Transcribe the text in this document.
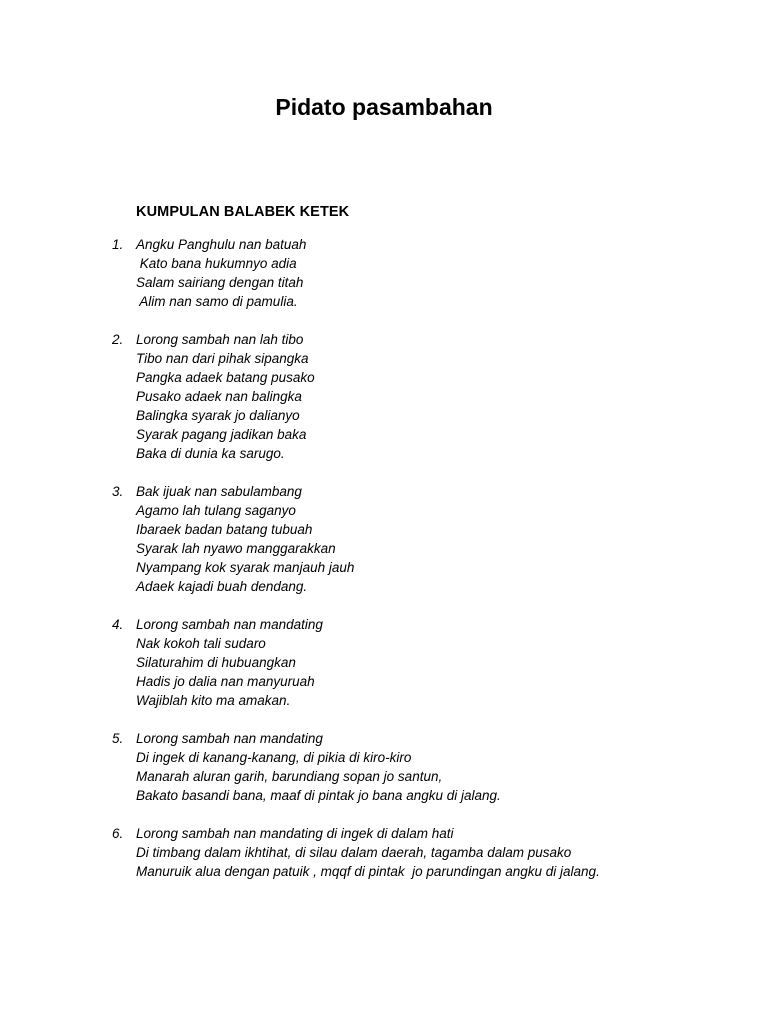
Pidato pasambahan
KUMPULAN BALABEK KETEK
1. Angku Panghulu nan batuah
Kato bana hukumnyo adia
Salam sairiang dengan titah
Alim nan samo di pamulia.
2. Lorong sambah nan lah tibo
Tibo nan dari pihak sipangka
Pangka adaek batang pusako
Pusako adaek nan balingka
Balingka syarak jo dalianyo
Syarak pagang jadikan baka
Baka di dunia ka sarugo.
3. Bak ijuak nan sabulambang
Agamo lah tulang saganyo
Ibaraek badan batang tubuah
Syarak lah nyawo manggarakkan
Nyampang kok syarak manjauh jauh
Adaek kajadi buah dendang.
4. Lorong sambah nan mandating
Nak kokoh tali sudaro
Silaturahim di hubuangkan
Hadis jo dalia nan manyuruah
Wajiblah kito ma amakan.
5. Lorong sambah nan mandating
Di ingek di kanang-kanang, di pikia di kiro-kiro
Manarah aluran garih, barundiang sopan jo santun,
Bakato basandi bana, maaf di pintak jo bana angku di jalang.
6. Lorong sambah nan mandating di ingek di dalam hati
Di timbang dalam ikhtihat, di silau dalam daerah, tagamba dalam pusako
Manuruik alua dengan patuik , mqqf di pintak  jo parundingan angku di jalang.
